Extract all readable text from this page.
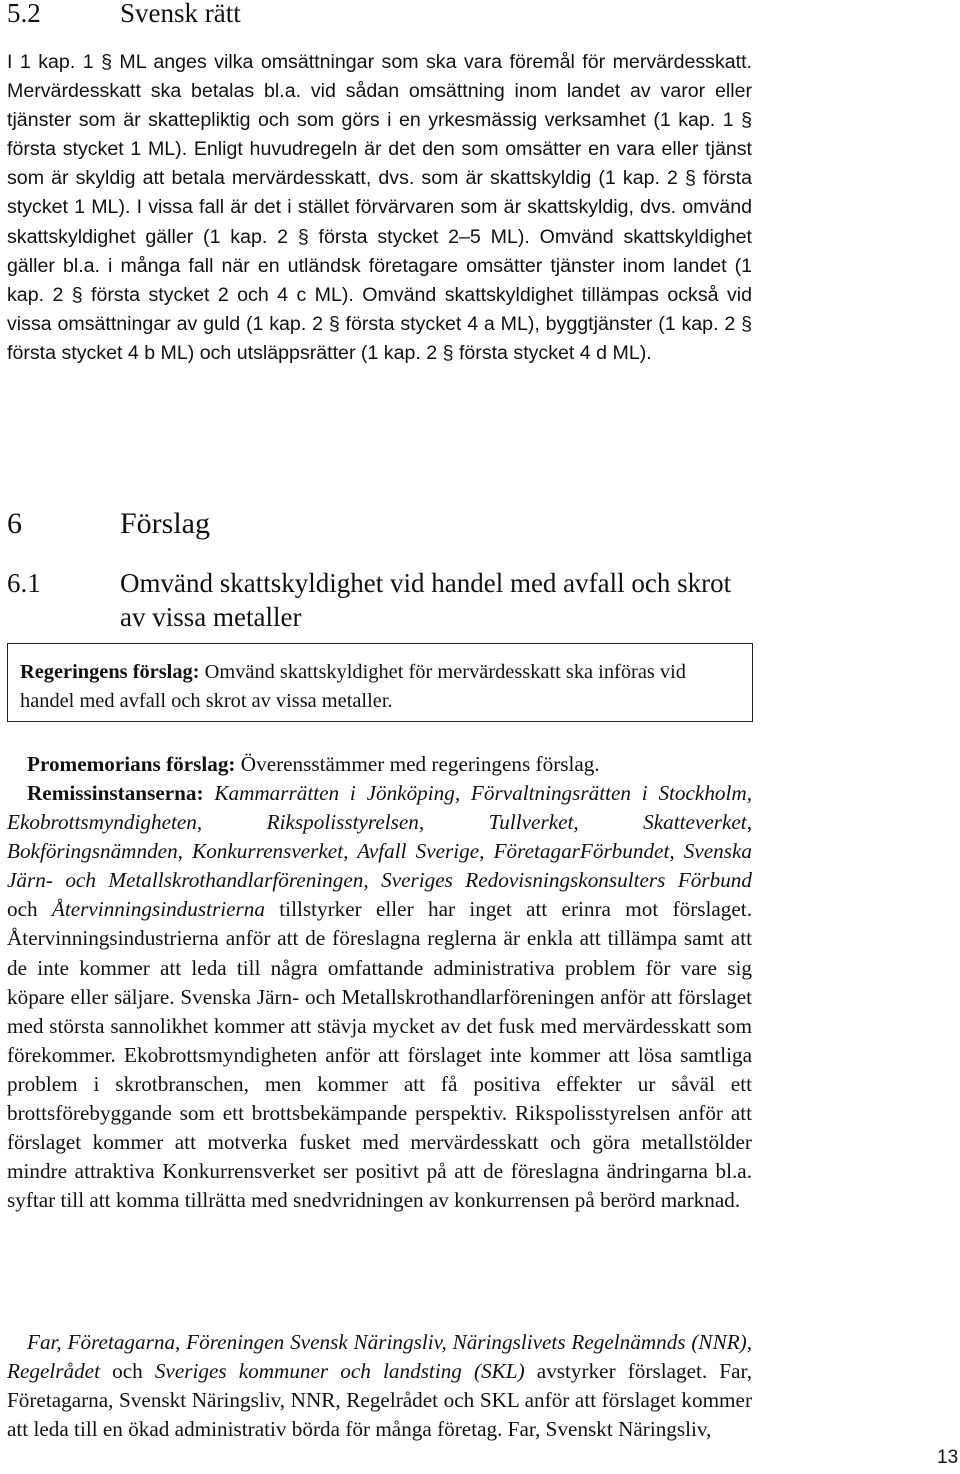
5.2	Svensk rätt

I 1 kap. 1 § ML anges vilka omsättningar som ska vara föremål för mervärdesskatt. Mervärdesskatt ska betalas bl.a. vid sådan omsättning inom landet av varor eller tjänster som är skattepliktig och som görs i en yrkesmässig verksamhet (1 kap. 1 § första stycket 1 ML). Enligt huvudregeln är det den som omsätter en vara eller tjänst som är skyldig att betala mervärdesskatt, dvs. som är skattskyldig (1 kap. 2 § första stycket 1 ML). I vissa fall är det i stället förvärvaren som är skattskyldig, dvs. omvänd skattskyldighet gäller (1 kap. 2 § första stycket 2–5 ML). Omvänd skattskyldighet gäller bl.a. i många fall när en utländsk företagare omsätter tjänster inom landet (1 kap. 2 § första stycket 2 och 4 c ML). Omvänd skattskyldighet tillämpas också vid vissa omsättningar av guld (1 kap. 2 § första stycket 4 a ML), byggtjänster (1 kap. 2 § första stycket 4 b ML) och utsläppsrätter (1 kap. 2 § första stycket 4 d ML).

6	Förslag
6.1	Omvänd skattskyldighet vid handel med avfall och skrot av vissa metaller
Regeringens förslag: Omvänd skattskyldighet för mervärdesskatt ska införas vid handel med avfall och skrot av vissa metaller.

Promemorians förslag: Överensstämmer med regeringens förslag.

Remissinstanserna: Kammarrätten i Jönköping, Förvaltningsrätten i Stockholm, Ekobrottsmyndigheten, Rikspolisstyrelsen, Tullverket, Skatteverket, Bokföringsnämnden, Konkurrensverket, Avfall Sverige, FöretagarFörbundet, Svenska Järn- och Metallskrothandlarföreningen, Sveriges Redovisningskonsulters Förbund och Återvinningsindustrierna tillstyrker eller har inget att erinra mot förslaget. Återvinningsindustrierna anför att de föreslagna reglerna är enkla att tillämpa samt att de inte kommer att leda till några omfattande administrativa problem för vare sig köpare eller säljare. Svenska Järn- och Metallskrothandlarföreningen anför att förslaget med största sannolikhet kommer att stävja mycket av det fusk med mervärdesskatt som förekommer. Ekobrottsmyndigheten anför att förslaget inte kommer att lösa samtliga problem i skrotbranschen, men kommer att få positiva effekter ur såväl ett brottsförebyggande som ett brottsbekämpande perspektiv. Rikspolisstyrelsen anför att förslaget kommer att motverka fusket med mervärdesskatt och göra metallstölder mindre attraktiva Konkurrensverket ser positivt på att de föreslagna ändringarna bl.a. syftar till att komma tillrätta med snedvridningen av konkurrensen på berörd marknad.

Far, Företagarna, Föreningen Svensk Näringsliv, Näringslivets Regelnämnds (NNR), Regelrådet och Sveriges kommuner och landsting (SKL) avstyrker förslaget. Far, Företagarna, Svenskt Näringsliv, NNR, Regelrådet och SKL anför att förslaget kommer att leda till en ökad administrativ börda för många företag. Far, Svenskt Näringsliv,

13
